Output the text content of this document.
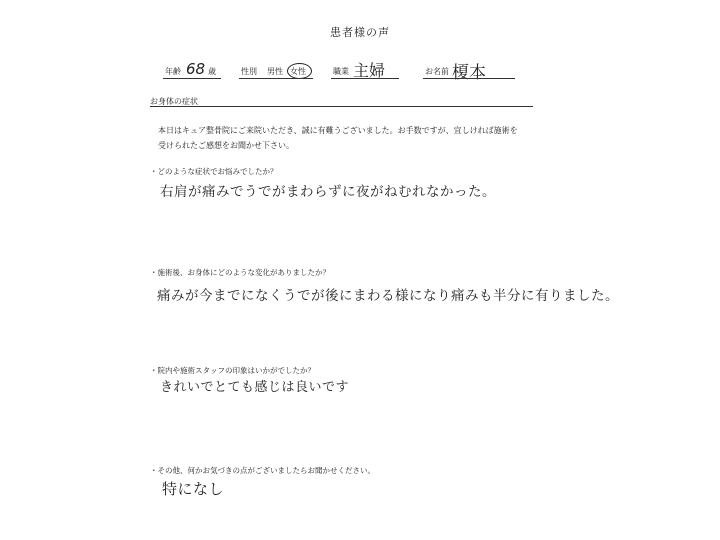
患者様の声
年齢 68 歳	性別 男性 女性	職業 主婦	お名前 榎本
お身体の症状
本日はキュア整骨院にご来院いただき、誠に有難うございました。お手数ですが、宜しければ施術を
受けられたご感想をお聞かせ下さい。
・どのような症状でお悩みでしたか？
右肩が痛みでうでがまわらずに夜がねむれなかった。
・施術後、お身体にどのような変化がありましたか？
痛みが今までになくうでが後にまわる様になり痛みも半分に有りました。
・院内や施術スタッフの印象はいかがでしたか？
きれいでとても感じは良いです
・その他、何かお気づきの点がございましたらお聞かせください。
特になし
